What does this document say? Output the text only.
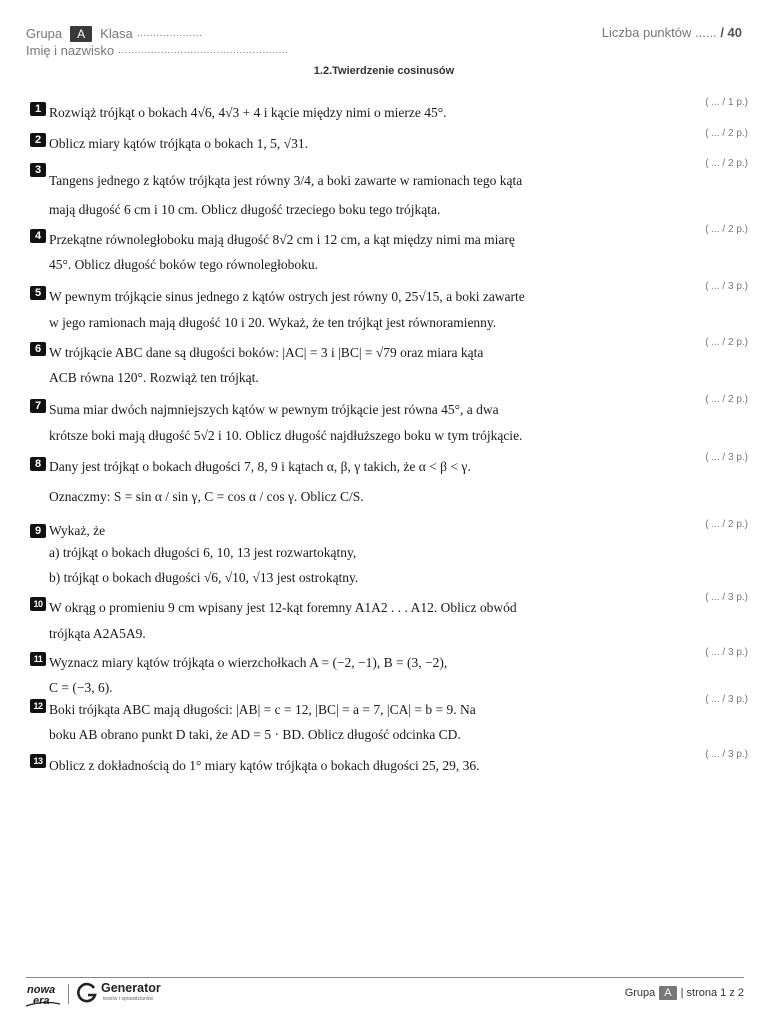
Grupa	A	Klasa ....................
Imię i nazwisko ....................................................
Liczba punktów ...... / 40
1.2.Twierdzenie cosinusów
1
( ... / 1 p.)
Rozwiąż trójkąt o bokach 4√6, 4√3 + 4 i kącie między nimi o mierze 45°.
2
( ... / 2 p.)
Oblicz miary kątów trójkąta o bokach 1, 5, √31.
3
( ... / 2 p.)
Tangens jednego z kątów trójkąta jest równy 3/4, a boki zawarte w ramionach tego kąta
mają długość 6 cm i 10 cm. Oblicz długość trzeciego boku tego trójkąta.
4
( ... / 2 p.)
Przekątne równoległoboku mają długość 8√2 cm i 12 cm, a kąt między nimi ma miarę
45°. Oblicz długość boków tego równoległoboku.
5
( ... / 3 p.)
W pewnym trójkącie sinus jednego z kątów ostrych jest równy 0, 25√15, a boki zawarte
w jego ramionach mają długość 10 i 20. Wykaż, że ten trójkąt jest równoramienny.
6
( ... / 2 p.)
W trójkącie ABC dane są długości boków: |AC| = 3 i |BC| = √79 oraz miara kąta
ACB równa 120°. Rozwiąż ten trójkąt.
7
( ... / 2 p.)
Suma miar dwóch najmniejszych kątów w pewnym trójkącie jest równa 45°, a dwa
krótsze boki mają długość 5√2 i 10. Oblicz długość najdłuższego boku w tym trójkącie.
8
( ... / 3 p.)
Dany jest trójkąt o bokach długości 7, 8, 9 i kątach α, β, γ takich, że α < β < γ.
Oznaczmy: S = sin α / sin γ, C = cos α / cos γ. Oblicz C/S.
9
( ... / 2 p.)
Wykaż, że
a) trójkąt o bokach długości 6, 10, 13 jest rozwartokątny,
b) trójkąt o bokach długości √6, √10, √13 jest ostrokątny.
10
( ... / 3 p.)
W okrąg o promieniu 9 cm wpisany jest 12-kąt foremny A1A2 . . . A12. Oblicz obwód
trójkąta A2A5A9.
11
( ... / 3 p.)
Wyznacz miary kątów trójkąta o wierzchołkach A = (−2, −1), B = (3, −2),
C = (−3, 6).
12
( ... / 3 p.)
Boki trójkąta ABC mają długości: |AB| = c = 12, |BC| = a = 7, |CA| = b = 9. Na
boku AB obrano punkt D taki, że AD = 5 · BD. Oblicz długość odcinka CD.
13
( ... / 3 p.)
Oblicz z dokładnością do 1° miary kątów trójkąta o bokach długości 25, 29, 36.
nowa
era
Generator
testów i sprawdzianów	Grupa A | strona 1 z 2
